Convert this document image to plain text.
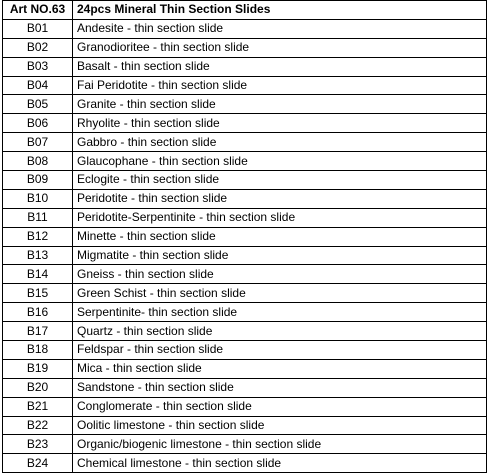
Art NO.63	24pcs Mineral Thin Section Slides
B01	Andesite - thin section slide
B02	Granodioritee - thin section slide
B03	Basalt - thin section slide
B04	Fai Peridotite - thin section slide
B05	Granite - thin section slide
B06	Rhyolite - thin section slide
B07	Gabbro - thin section slide
B08	Glaucophane - thin section slide
B09	Eclogite - thin section slide
B10	Peridotite - thin section slide
B11	Peridotite-Serpentinite - thin section slide
B12	Minette - thin section slide
B13	Migmatite - thin section slide
B14	Gneiss - thin section slide
B15	Green Schist - thin section slide
B16	Serpentinite- thin section slide
B17	Quartz - thin section slide
B18	Feldspar - thin section slide
B19	Mica - thin section slide
B20	Sandstone - thin section slide
B21	Conglomerate - thin section slide
B22	Oolitic limestone - thin section slide
B23	Organic/biogenic limestone - thin section slide
B24	Chemical limestone - thin section slide
